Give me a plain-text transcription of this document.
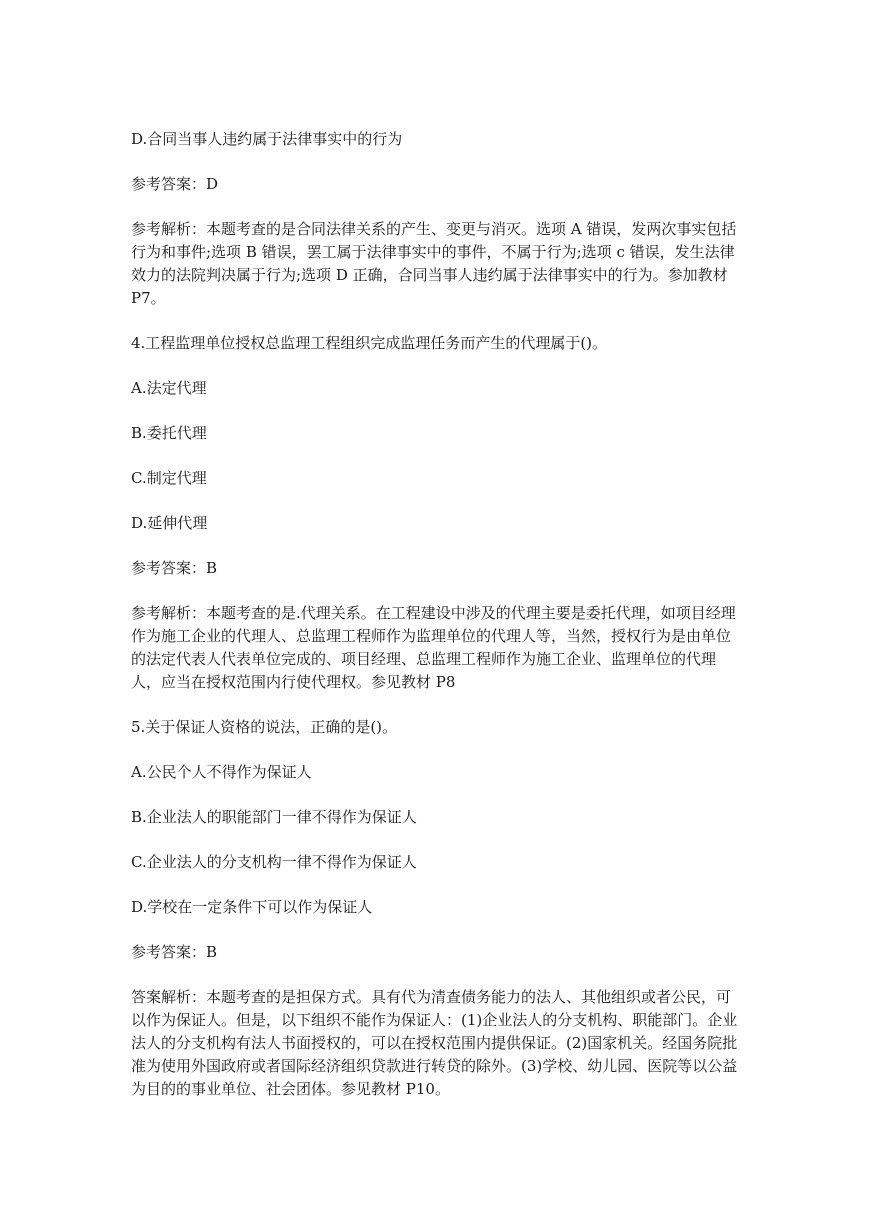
D.合同当事人违约属于法律事实中的行为

参考答案：D

参考解析：本题考查的是合同法律关系的产生、变更与消灭。选项 A 错误，发两次事实包括行为和事件;选项 B 错误，罢工属于法律事实中的事件，不属于行为;选项 c 错误，发生法律效力的法院判决属于行为;选项 D 正确，合同当事人违约属于法律事实中的行为。参加教材 P7。

4.工程监理单位授权总监理工程组织完成监理任务而产生的代理属于()。

A.法定代理

B.委托代理

C.制定代理

D.延伸代理

参考答案：B

参考解析：本题考查的是.代理关系。在工程建设中涉及的代理主要是委托代理，如项目经理作为施工企业的代理人、总监理工程师作为监理单位的代理人等，当然，授权行为是由单位的法定代表人代表单位完成的、项目经理、总监理工程师作为施工企业、监理单位的代理人，应当在授权范围内行使代理权。参见教材 P8

5.关于保证人资格的说法，正确的是()。

A.公民个人不得作为保证人

B.企业法人的职能部门一律不得作为保证人

C.企业法人的分支机构一律不得作为保证人

D.学校在一定条件下可以作为保证人

参考答案：B

答案解析：本题考查的是担保方式。具有代为清查债务能力的法人、其他组织或者公民，可以作为保证人。但是，以下组织不能作为保证人：(1)企业法人的分支机构、职能部门。企业法人的分支机构有法人书面授权的，可以在授权范围内提供保证。(2)国家机关。经国务院批准为使用外国政府或者国际经济组织贷款进行转贷的除外。(3)学校、幼儿园、医院等以公益为目的的事业单位、社会团体。参见教材 P10。
